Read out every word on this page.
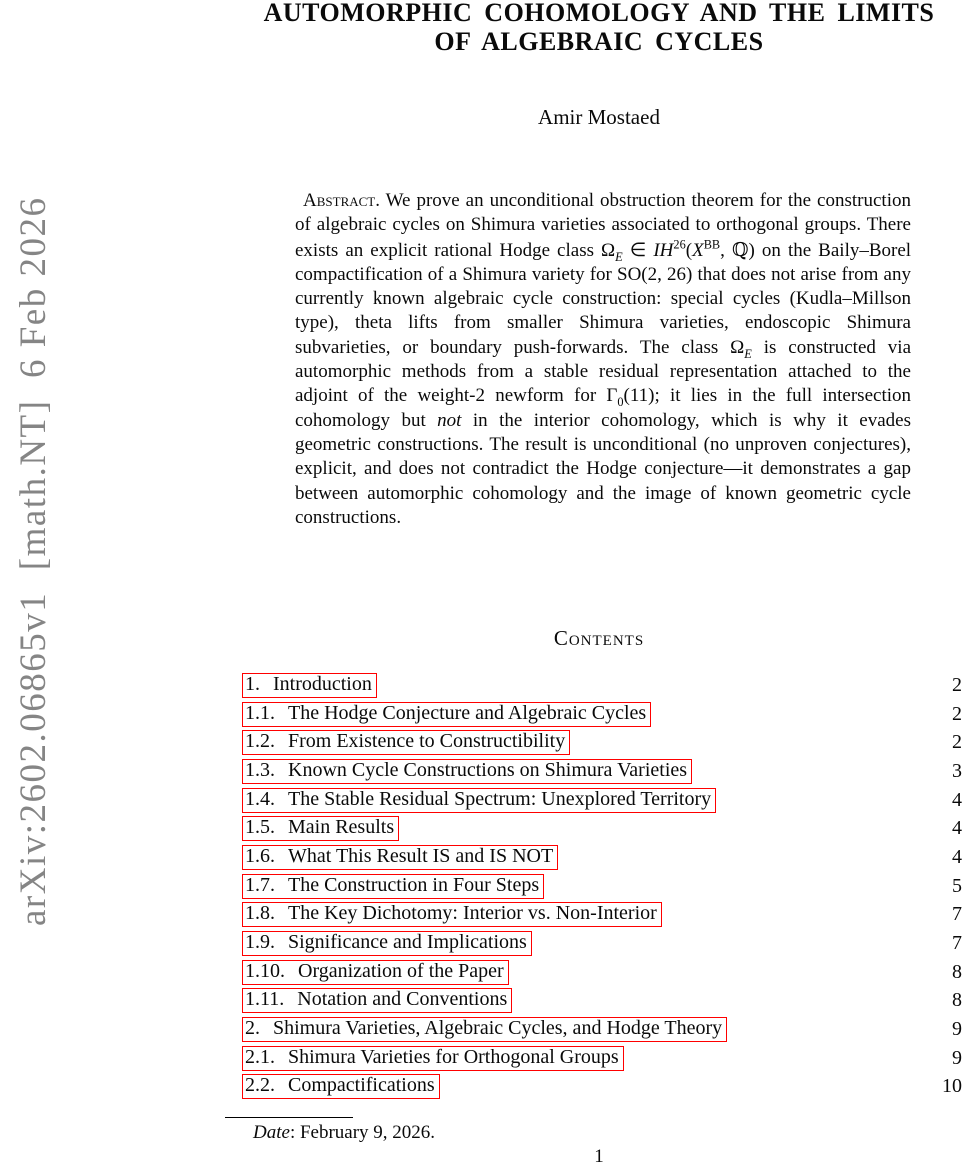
arXiv:2602.06865v1  [math.NT]  6 Feb 2026
AUTOMORPHIC COHOMOLOGY AND THE LIMITS
OF ALGEBRAIC CYCLES
Amir Mostaed

Abstract. We prove an unconditional obstruction theorem for the construction of algebraic cycles on Shimura varieties associated to orthogonal groups. There exists an explicit rational Hodge class $\Omega_E$ ∈ $IH^{26}(X^{BB}$, ℚ) on the Baily–Borel compactification of a Shimura variety for SO(2, 26) that does not arise from any currently known algebraic cycle construction: special cycles (Kudla–Millson type), theta lifts from smaller Shimura varieties, endoscopic Shimura subvarieties, or boundary push-forwards. The class $\Omega_E$ is constructed via automorphic methods from a stable residual representation attached to the adjoint of the weight-2 newform for $\Gamma_0(11)$; it lies in the full intersection cohomology but not in the interior cohomology, which is why it evades geometric constructions. The result is unconditional (no unproven conjectures), explicit, and does not contradict the Hodge conjecture—it demonstrates a gap between automorphic cohomology and the image of known geometric cycle constructions.

Contents
1. Introduction	2
1.1. The Hodge Conjecture and Algebraic Cycles	2
1.2. From Existence to Constructibility	2
1.3. Known Cycle Constructions on Shimura Varieties	3
1.4. The Stable Residual Spectrum: Unexplored Territory	4
1.5. Main Results	4
1.6. What This Result IS and IS NOT	4
1.7. The Construction in Four Steps	5
1.8. The Key Dichotomy: Interior vs. Non-Interior	7
1.9. Significance and Implications	7
1.10. Organization of the Paper	8
1.11. Notation and Conventions	8
2. Shimura Varieties, Algebraic Cycles, and Hodge Theory	9
2.1. Shimura Varieties for Orthogonal Groups	9
2.2. Compactifications	10
Date: February 9, 2026.
1
